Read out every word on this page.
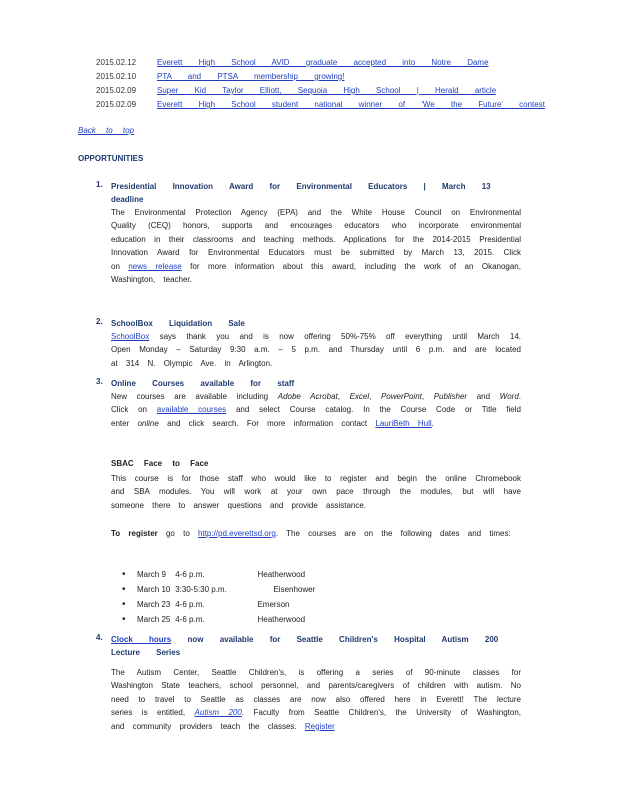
2015.02.12	Everett High School AVID graduate accepted into Notre Dame
2015.02.10	PTA and PTSA membership growing!
2015.02.09	Super Kid Taylor Elliott, Sequoia High School | Herald article
2015.02.09	Everett High School student national winner of 'We the Future' contest
Back to top
OPPORTUNITIES
1. Presidential Innovation Award for Environmental Educators | March 13 deadline
The Environmental Protection Agency (EPA) and the White House Council on Environmental Quality (CEQ) honors, supports and encourages educators who incorporate environmental education in their classrooms and teaching methods. Applications for the 2014-2015 Presidential Innovation Award for Environmental Educators must be submitted by March 13, 2015. Click on news release for more information about this award, including the work of an Okanogan, Washington, teacher.
2. SchoolBox Liquidation Sale
SchoolBox says thank you and is now offering 50%-75% off everything until March 14. Open Monday – Saturday 9:30 a.m. – 5 p.m. and Thursday until 6 p.m. and are located at 314 N. Olympic Ave. in Arlington.
3. Online Courses available for staff
New courses are available including Adobe Acrobat, Excel, PowerPoint, Publisher and Word. Click on available courses and select Course catalog. In the Course Code or Title field enter online and click search. For more information contact LauriBeth Hull.
SBAC Face to Face
This course is for those staff who would like to register and begin the online Chromebook and SBA modules. You will work at your own pace through the modules, but will have someone there to answer questions and provide assistance.
To register go to http://pd.everettsd.org. The courses are on the following dates and times:
• March 9 4-6 p.m.	Heatherwood
• March 10 3:30-5:30 p.m.	Eisenhower
• March 23 4-6 p.m.	Emerson
• March 25 4-6 p.m.	Heatherwood
4. Clock hours now available for Seattle Children's Hospital Autism 200 Lecture Series
The Autism Center, Seattle Children's, is offering a series of 90-minute classes for Washington State teachers, school personnel, and parents/caregivers of children with autism. No need to travel to Seattle as classes are now also offered here in Everett! The lecture series is entitled, Autism 200. Faculty from Seattle Children's, the University of Washington, and community providers teach the classes. Register
